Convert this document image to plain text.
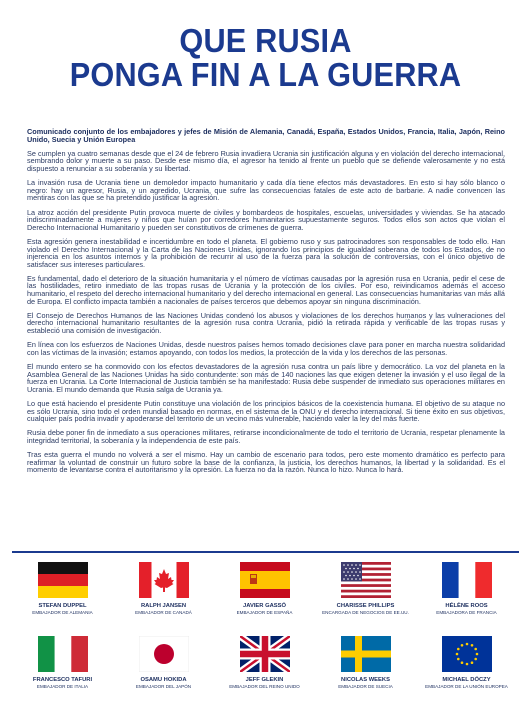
QUE RUSIA
PONGA FIN A LA GUERRA

Comunicado conjunto de los embajadores y jefes de Misión de Alemania, Canadá, España, Estados Unidos, Francia, Italia, Japón, Reino Unido, Suecia y Unión Europea

Se cumplen ya cuatro semanas desde que el 24 de febrero Rusia invadiera Ucrania sin justificación alguna y en violación del derecho internacional, sembrando dolor y muerte a su paso. Desde ese mismo día, el agresor ha tenido al frente un pueblo que se defiende valerosamente y no está dispuesto a renunciar a su soberanía y su libertad.

La invasión rusa de Ucrania tiene un demoledor impacto humanitario y cada día tiene efectos más devastadores. En esto si hay sólo blanco o negro: hay un agresor, Rusia, y un agredido, Ucrania, que sufre las consecuencias fatales de este acto de barbarie. A nadie convencen las mentiras con las que se ha pretendido justificar la agresión.

La atroz acción del presidente Putin provoca muerte de civiles y bombardeos de hospitales, escuelas, universidades y viviendas. Se ha atacado indiscriminadamente a mujeres y niños que huían por corredores humanitarios supuestamente seguros. Todos ellos son actos que violan el Derecho Internacional Humanitario y pueden ser constitutivos de crímenes de guerra.

Esta agresión genera inestabilidad e incertidumbre en todo el planeta. El gobierno ruso y sus patrocinadores son responsables de todo ello. Han violado el Derecho Internacional y la Carta de las Naciones Unidas, ignorando los principios de igualdad soberana de todos los Estados, de no injerencia en los asuntos internos y la prohibición de recurrir al uso de la fuerza para la solución de controversias, con el único objetivo de satisfacer sus intereses particulares.

Es fundamental, dado el deterioro de la situación humanitaria y el número de víctimas causadas por la agresión rusa en Ucrania, pedir el cese de las hostilidades, retiro inmediato de las tropas rusas de Ucrania y la protección de los civiles. Por eso, reivindicamos además el acceso humanitario, el respeto del derecho internacional humanitario y del derecho internacional en general. Las consecuencias humanitarias van más allá de Europa. El conflicto impacta también a nacionales de países terceros que debemos apoyar sin ninguna discriminación.

El Consejo de Derechos Humanos de las Naciones Unidas condenó los abusos y violaciones de los derechos humanos y las vulneraciones del derecho internacional humanitario resultantes de la agresión rusa contra Ucrania, pidió la retirada rápida y verificable de las tropas rusas y estableció una comisión de investigación.

En línea con los esfuerzos de Naciones Unidas, desde nuestros países hemos tomado decisiones clave para poner en marcha nuestra solidaridad con las víctimas de la invasión; estamos apoyando, con todos los medios, la protección de la vida y los derechos de las personas.

El mundo entero se ha conmovido con los efectos devastadores de la agresión rusa contra un país libre y democrático. La voz del planeta en la Asamblea General de las Naciones Unidas ha sido contundente: son más de 140 naciones las que exigen detener la invasión y el uso ilegal de la fuerza en Ucrania. La Corte Internacional de Justicia también se ha manifestado: Rusia debe suspender de inmediato sus operaciones militares en Ucrania. El mundo demanda que Rusia salga de Ucrania ya.

Lo que está haciendo el presidente Putin constituye una violación de los principios básicos de la coexistencia humana. El objetivo de su ataque no es sólo Ucrania, sino todo el orden mundial basado en normas, en el sistema de la ONU y el derecho internacional. Si tiene éxito en sus objetivos, cualquier país podría invadir y apoderarse del territorio de un vecino más vulnerable, haciendo valer la ley del más fuerte.

Rusia debe poner fin de inmediato a sus operaciones militares, retirarse incondicionalmente de todo el territorio de Ucrania, respetar plenamente la integridad territorial, la soberanía y la independencia de este país.

Tras esta guerra el mundo no volverá a ser el mismo. Hay un cambio de escenario para todos, pero este momento dramático es perfecto para reafirmar la voluntad de construir un futuro sobre la base de la confianza, la justicia, los derechos humanos, la libertad y la solidaridad. Es el momento de levantarse contra el autoritarismo y la opresión. La fuerza no da la razón. Nunca lo hizo. Nunca lo hará.

STEFAN DUPPEL
EMBAJADOR DE ALEMANIA
RALPH JANSEN
EMBAJADOR DE CANADÁ
JAVIER GASSÓ
EMBAJADOR DE ESPAÑA
CHARISSE PHILLIPS
ENCARGADA DE NEGOCIOS DE EE.UU.
HÉLÈNE ROOS
EMBAJADORA DE FRANCIA
FRANCESCO TAFURI
EMBAJADOR DE ITALIA
OSAMU HOKIDA
EMBAJADOR DEL JAPÓN
JEFF GLEKIN
EMBAJADOR DEL REINO UNIDO
NICOLAS WEEKS
EMBAJADOR DE SUECIA
MICHAEL DÓCZY
EMBAJADOR DE LA UNIÓN EUROPEA
